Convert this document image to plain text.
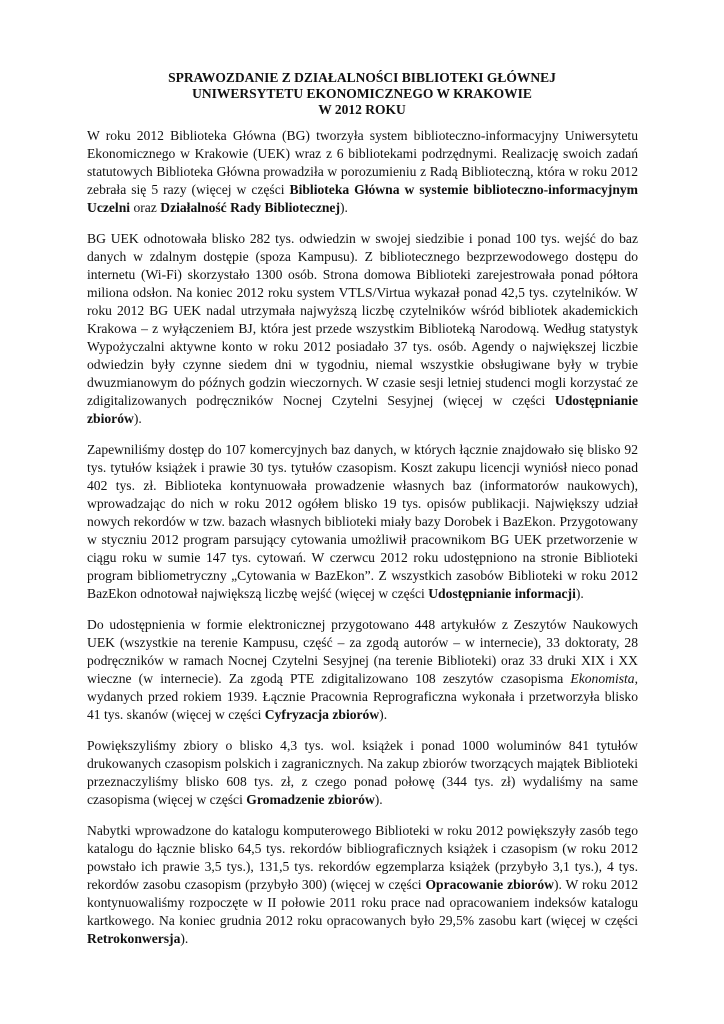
SPRAWOZDANIE Z DZIAŁALNOŚCI BIBLIOTEKI GŁÓWNEJ
UNIWERSYTETU EKONOMICZNEGO W KRAKOWIE
W 2012 ROKU

W roku 2012 Biblioteka Główna (BG) tworzyła system biblioteczno-informacyjny Uniwersytetu Ekonomicznego w Krakowie (UEK) wraz z 6 bibliotekami podrzędnymi. Realizację swoich zadań statutowych Biblioteka Główna prowadziła w porozumieniu z Radą Biblioteczną, która w roku 2012 zebrała się 5 razy (więcej w części Biblioteka Główna w systemie biblioteczno-informacyjnym Uczelni oraz Działalność Rady Bibliotecznej).

BG UEK odnotowała blisko 282 tys. odwiedzin w swojej siedzibie i ponad 100 tys. wejść do baz danych w zdalnym dostępie (spoza Kampusu). Z bibliotecznego bezprzewodowego dostępu do internetu (Wi-Fi) skorzystało 1300 osób. Strona domowa Biblioteki zarejestrowała ponad półtora miliona odsłon. Na koniec 2012 roku system VTLS/Virtua wykazał ponad 42,5 tys. czytelników. W roku 2012 BG UEK nadal utrzymała najwyższą liczbę czytelników wśród bibliotek akademickich Krakowa – z wyłączeniem BJ, która jest przede wszystkim Biblioteką Narodową. Według statystyk Wypożyczalni aktywne konto w roku 2012 posiadało 37 tys. osób. Agendy o największej liczbie odwiedzin były czynne siedem dni w tygodniu, niemal wszystkie obsługiwane były w trybie dwuzmianowym do późnych godzin wieczornych. W czasie sesji letniej studenci mogli korzystać ze zdigitalizowanych podręczników Nocnej Czytelni Sesyjnej (więcej w części Udostępnianie zbiorów).

Zapewniliśmy dostęp do 107 komercyjnych baz danych, w których łącznie znajdowało się blisko 92 tys. tytułów książek i prawie 30 tys. tytułów czasopism. Koszt zakupu licencji wyniósł nieco ponad 402 tys. zł. Biblioteka kontynuowała prowadzenie własnych baz (informatorów naukowych), wprowadzając do nich w roku 2012 ogółem blisko 19 tys. opisów publikacji. Największy udział nowych rekordów w tzw. bazach własnych biblioteki miały bazy Dorobek i BazEkon. Przygotowany w styczniu 2012 program parsujący cytowania umożliwił pracownikom BG UEK przetworzenie w ciągu roku w sumie 147 tys. cytowań. W czerwcu 2012 roku udostępniono na stronie Biblioteki program bibliometryczny „Cytowania w BazEkon”. Z wszystkich zasobów Biblioteki w roku 2012 BazEkon odnotował największą liczbę wejść (więcej w części Udostępnianie informacji).

Do udostępnienia w formie elektronicznej przygotowano 448 artykułów z Zeszytów Naukowych UEK (wszystkie na terenie Kampusu, część – za zgodą autorów – w internecie), 33 doktoraty, 28 podręczników w ramach Nocnej Czytelni Sesyjnej (na terenie Biblioteki) oraz 33 druki XIX i XX wieczne (w internecie). Za zgodą PTE zdigitalizowano 108 zeszytów czasopisma Ekonomista, wydanych przed rokiem 1939. Łącznie Pracownia Reprograficzna wykonała i przetworzyła blisko 41 tys. skanów (więcej w części Cyfryzacja zbiorów).

Powiększyliśmy zbiory o blisko 4,3 tys. wol. książek i ponad 1000 woluminów 841 tytułów drukowanych czasopism polskich i zagranicznych. Na zakup zbiorów tworzących majątek Biblioteki przeznaczyliśmy blisko 608 tys. zł, z czego ponad połowę (344 tys. zł) wydaliśmy na same czasopisma (więcej w części Gromadzenie zbiorów).

Nabytki wprowadzone do katalogu komputerowego Biblioteki w roku 2012 powiększyły zasób tego katalogu do łącznie blisko 64,5 tys. rekordów bibliograficznych książek i czasopism (w roku 2012 powstało ich prawie 3,5 tys.), 131,5 tys. rekordów egzemplarza książek (przybyło 3,1 tys.), 4 tys. rekordów zasobu czasopism (przybyło 300) (więcej w części Opracowanie zbiorów). W roku 2012 kontynuowaliśmy rozpoczęte w II połowie 2011 roku prace nad opracowaniem indeksów katalogu kartkowego. Na koniec grudnia 2012 roku opracowanych było 29,5% zasobu kart (więcej w części Retrokonwersja).
